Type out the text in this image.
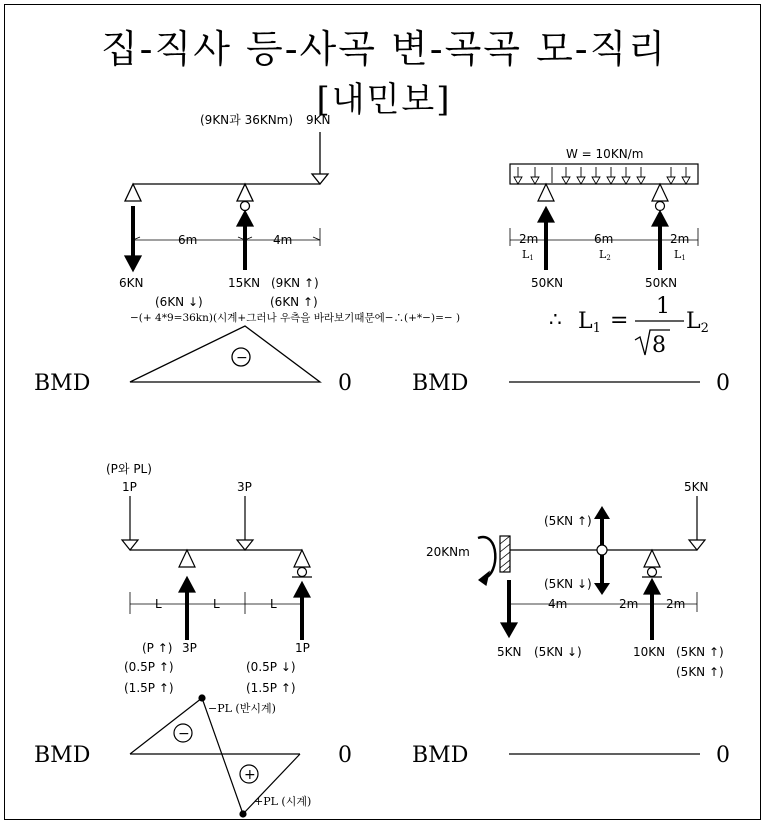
집-직사 등-사곡 변-곡곡 모-직리
[내민보]
(9KN과 36KNm) 9KN
6m	4m
6KN	15KN (9KN ↑)
(6KN ↓)	(6KN ↑)
−(+ 4*9=36kn)(시계+그러나 우측을 바라보기때문에−∴(+*−)=− )
−
BMD	0
W = 10KN/m
2m	6m	2m
L1	L2	L1
50KN	50KN
∴ L1 =
1
8
L2
BMD	0
(P와 PL)
1P	3P
L	L	L
(P ↑) 3P	1P
(0.5P ↑)	(0.5P ↓)
(1.5P ↑)	(1.5P ↑)
−PL (반시계)
+PL (시계)
−
+
BMD	0
20KNm
5KN
(5KN ↑)
(5KN ↓)
4m	2m 2m
5KN (5KN ↓)	10KN (5KN ↑)
(5KN ↑)
BMD	0
